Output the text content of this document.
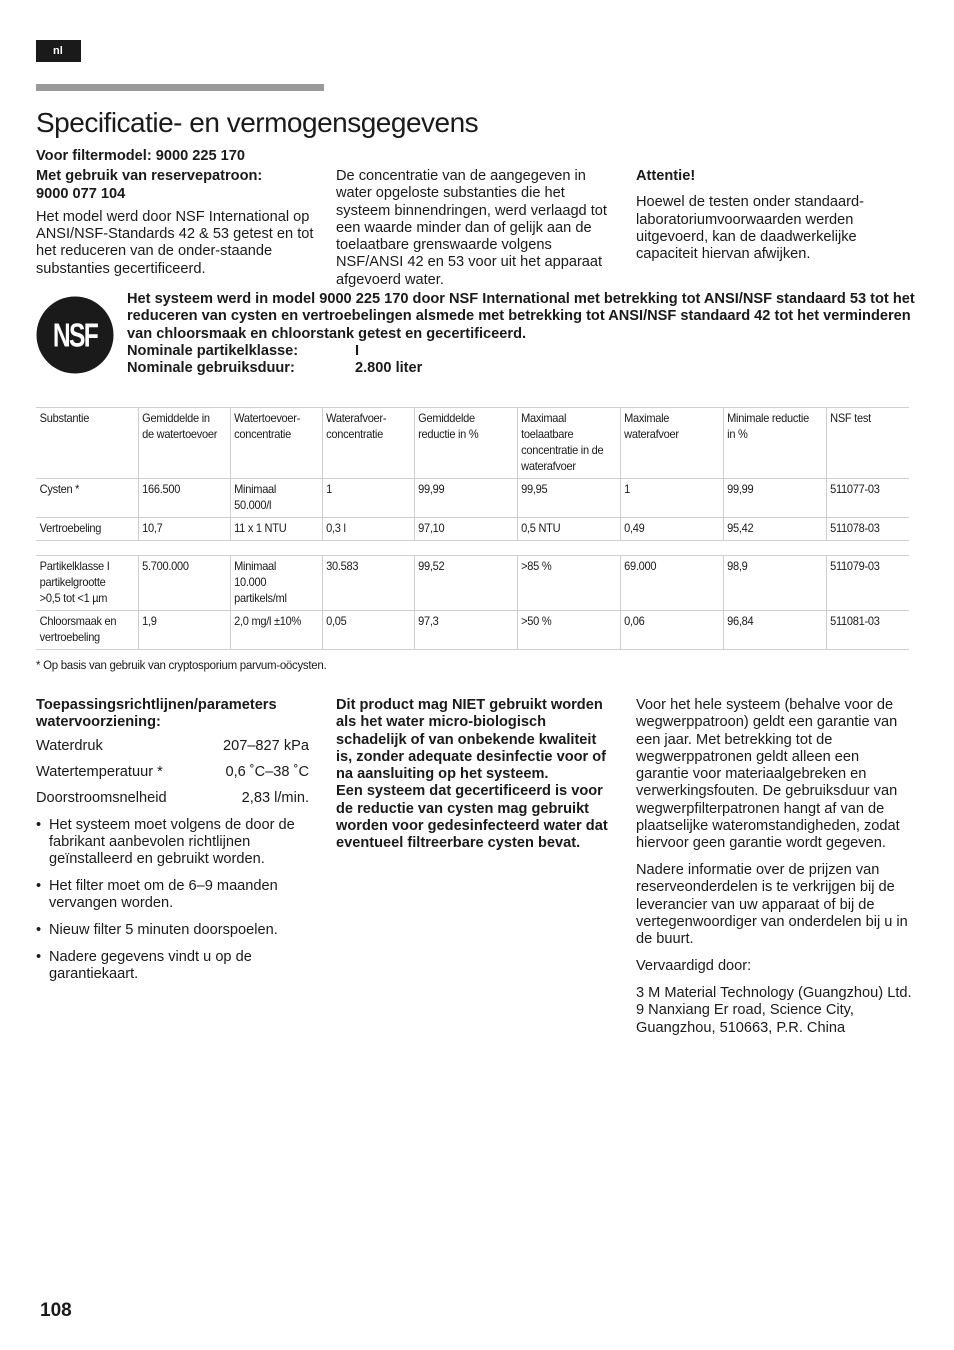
nl
Specificatie- en vermogensgegevens
Voor filtermodel: 9000 225 170
Met gebruik van reservepatroon:
9000 077 104
Het model werd door NSF International op ANSI/NSF-Standards 42 & 53 getest en tot het reduceren van de onder-staande substanties gecertificeerd.
De concentratie van de aangegeven in water opgeloste substanties die het systeem binnendringen, werd verlaagd tot een waarde minder dan of gelijk aan de toelaatbare grenswaarde volgens NSF/ANSI 42 en 53 voor uit het apparaat afgevoerd water.
Attentie!
Hoewel de testen onder standaard-laboratoriumvoorwaarden werden uitgevoerd, kan de daadwerkelijke capaciteit hiervan afwijken.
NSF
Het systeem werd in model 9000 225 170 door NSF International met betrekking tot ANSI/NSF standaard 53 tot het reduceren van cysten en vertroebelingen alsmede met betrekking tot ANSI/NSF standaard 42 tot het verminderen van chloorsmaak en chloorstank getest en gecertificeerd.
Nominale partikelklasse:	I
Nominale gebruiksduur:	2.800 liter
Substantie	Gemiddelde in de watertoevoer	Watertoevoer-concentratie	Waterafvoer-concentratie	Gemiddelde reductie in %	Maximaal toelaatbare concentratie in de waterafvoer	Maximale waterafvoer	Minimale reductie in %	NSF test
Cysten *	166.500	Minimaal 50.000/l	1	99,99	99,95	1	99,99	511077-03
Vertroebeling	10,7	11 x 1 NTU	0,3 l	97,10	0,5 NTU	0,49	95,42	511078-03

Partikelklasse I partikelgrootte >0,5 tot <1 µm	5.700.000	Minimaal 10.000 partikels/ml	30.583	99,52	>85 %	69.000	98,9	511079-03
Chloorsmaak en vertroebeling	1,9	2,0 mg/l ±10%	0,05	97,3	>50 %	0,06	96,84	511081-03
* Op basis van gebruik van cryptosporium parvum-oöcysten.
Toepassingsrichtlijnen/parameters watervoorziening:
Waterdruk	207–827 kPa
Watertemperatuur *	0,6 ˚C–38 ˚C
Doorstroomsnelheid	2,83 l/min.
• Het systeem moet volgens de door de fabrikant aanbevolen richtlijnen geïnstalleerd en gebruikt worden.
• Het filter moet om de 6–9 maanden vervangen worden.
• Nieuw filter 5 minuten doorspoelen.
• Nadere gegevens vindt u op de garantiekaart.
Dit product mag NIET gebruikt worden als het water micro-biologisch schadelijk of van onbekende kwaliteit is, zonder adequate desinfectie voor of na aansluiting op het systeem.
Een systeem dat gecertificeerd is voor de reductie van cysten mag gebruikt worden voor gedesinfecteerd water dat eventueel filtreerbare cysten bevat.
Voor het hele systeem (behalve voor de wegwerppatroon) geldt een garantie van een jaar. Met betrekking tot de wegwerppatronen geldt alleen een garantie voor materiaalgebreken en verwerkingsfouten. De gebruiksduur van wegwerpfilterpatronen hangt af van de plaatselijke wateromstandigheden, zodat hiervoor geen garantie wordt gegeven.
Nadere informatie over de prijzen van reserveonderdelen is te verkrijgen bij de leverancier van uw apparaat of bij de vertegenwoordiger van onderdelen bij u in de buurt.
Vervaardigd door:
3 M Material Technology (Guangzhou) Ltd.
9 Nanxiang Er road, Science City, Guangzhou, 510663, P.R. China
108
